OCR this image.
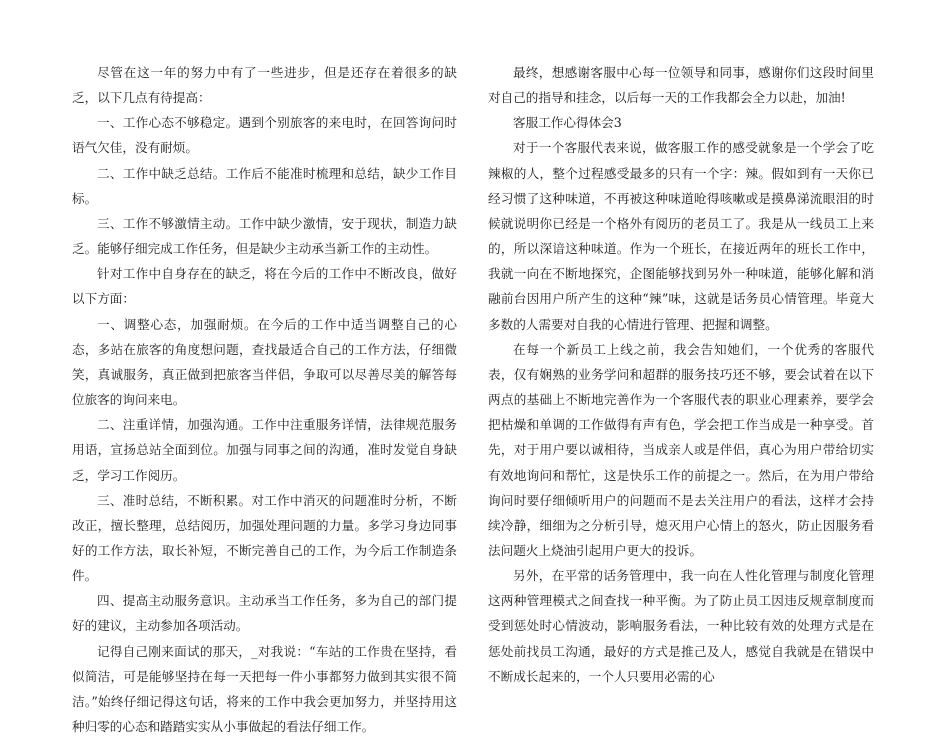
尽管在这一年的努力中有了一些进步，但是还存在着很多的缺乏，以下几点有待提高：

一、工作心态不够稳定。遇到个别旅客的来电时，在回答询问时语气欠佳，没有耐烦。

二、工作中缺乏总结。工作后不能准时梳理和总结，缺少工作目标。

三、工作不够激情主动。工作中缺少激情，安于现状，制造力缺乏。能够仔细完成工作任务，但是缺少主动承当新工作的主动性。

针对工作中自身存在的缺乏，将在今后的工作中不断改良，做好以下方面：

一、调整心态，加强耐烦。在今后的工作中适当调整自己的心态，多站在旅客的角度想问题，查找最适合自己的工作方法，仔细微笑，真诚服务，真正做到把旅客当伴侣，争取可以尽善尽美的解答每位旅客的询问来电。

二、注重详情，加强沟通。工作中注重服务详情，法律规范服务用语，宣扬总站全面到位。加强与同事之间的沟通，准时发觉自身缺乏，学习工作阅历。

三、准时总结，不断积累。对工作中消灭的问题准时分析，不断改正，擅长整理，总结阅历，加强处理问题的力量。多学习身边同事好的工作方法，取长补短，不断完善自己的工作，为今后工作制造条件。

四、提高主动服务意识。主动承当工作任务，多为自己的部门提好的建议，主动参加各项活动。

记得自己刚来面试的那天，_对我说：“车站的工作贵在坚持，看似简洁，可是能够坚持在每一天把每一件小事都努力做到其实很不简洁。”始终仔细记得这句话，将来的工作中我会更加努力，并坚持用这种归零的心态和踏踏实实从小事做起的看法仔细工作。

最终，想感谢客服中心每一位领导和同事，感谢你们这段时间里对自己的指导和挂念，以后每一天的工作我都会全力以赴，加油!

客服工作心得体会3

对于一个客服代表来说，做客服工作的感受就象是一个学会了吃辣椒的人，整个过程感受最多的只有一个字：辣。假如到有一天你已经习惯了这种味道，不再被这种味道呛得咳嗽或是摸鼻涕流眼泪的时候就说明你已经是一个格外有阅历的老员工了。我是从一线员工上来的，所以深谙这种味道。作为一个班长，在接近两年的班长工作中，我就一向在不断地探究，企图能够找到另外一种味道，能够化解和消融前台因用户所产生的这种“辣”味，这就是话务员心情管理。毕竟大多数的人需要对自我的心情进行管理、把握和调整。

在每一个新员工上线之前，我会告知她们，一个优秀的客服代表，仅有娴熟的业务学问和超群的服务技巧还不够，要会试着在以下两点的基础上不断地完善作为一个客服代表的职业心理素养，要学会把枯燥和单调的工作做得有声有色，学会把工作当成是一种享受。首先，对于用户要以诚相待，当成亲人或是伴侣，真心为用户带给切实有效地询问和帮忙，这是快乐工作的前提之一。然后，在为用户带给询问时要仔细倾听用户的问题而不是去关注用户的看法，这样才会持续冷静，细细为之分析引导，熄灭用户心情上的怒火，防止因服务看法问题火上烧油引起用户更大的投诉。

另外，在平常的话务管理中，我一向在人性化管理与制度化管理这两种管理模式之间查找一种平衡。为了防止员工因违反规章制度而受到惩处时心情波动，影响服务看法，一种比较有效的处理方式是在惩处前找员工沟通，最好的方式是推己及人，感觉自我就是在错误中不断成长起来的，一个人只要用必需的心
